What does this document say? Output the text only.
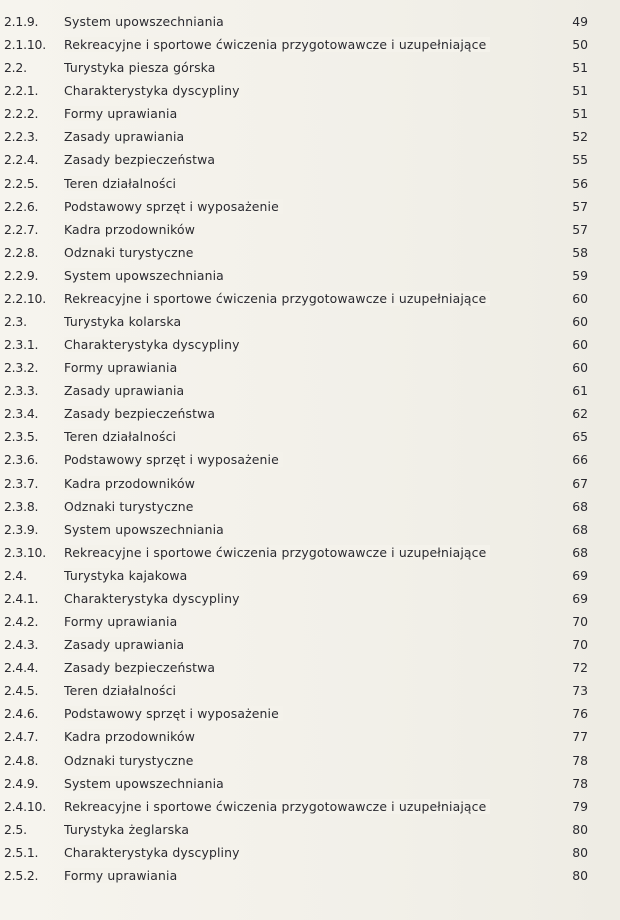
2.1.9.	System upowszechniania	49
2.1.10.	Rekreacyjne i sportowe ćwiczenia przygotowawcze i uzupełniające	50
2.2.	Turystyka piesza górska	51
2.2.1.	Charakterystyka dyscypliny	51
2.2.2.	Formy uprawiania	51
2.2.3.	Zasady uprawiania	52
2.2.4.	Zasady bezpieczeństwa	55
2.2.5.	Teren działalności	56
2.2.6.	Podstawowy sprzęt i wyposażenie	57
2.2.7.	Kadra przodowników	57
2.2.8.	Odznaki turystyczne	58
2.2.9.	System upowszechniania	59
2.2.10.	Rekreacyjne i sportowe ćwiczenia przygotowawcze i uzupełniające	60
2.3.	Turystyka kolarska	60
2.3.1.	Charakterystyka dyscypliny	60
2.3.2.	Formy uprawiania	60
2.3.3.	Zasady uprawiania	61
2.3.4.	Zasady bezpieczeństwa	62
2.3.5.	Teren działalności	65
2.3.6.	Podstawowy sprzęt i wyposażenie	66
2.3.7.	Kadra przodowników	67
2.3.8.	Odznaki turystyczne	68
2.3.9.	System upowszechniania	68
2.3.10.	Rekreacyjne i sportowe ćwiczenia przygotowawcze i uzupełniające	68
2.4.	Turystyka kajakowa	69
2.4.1.	Charakterystyka dyscypliny	69
2.4.2.	Formy uprawiania	70
2.4.3.	Zasady uprawiania	70
2.4.4.	Zasady bezpieczeństwa	72
2.4.5.	Teren działalności	73
2.4.6.	Podstawowy sprzęt i wyposażenie	76
2.4.7.	Kadra przodowników	77
2.4.8.	Odznaki turystyczne	78
2.4.9.	System upowszechniania	78
2.4.10.	Rekreacyjne i sportowe ćwiczenia przygotowawcze i uzupełniające	79
2.5.	Turystyka żeglarska	80
2.5.1.	Charakterystyka dyscypliny	80
2.5.2.	Formy uprawiania	80
